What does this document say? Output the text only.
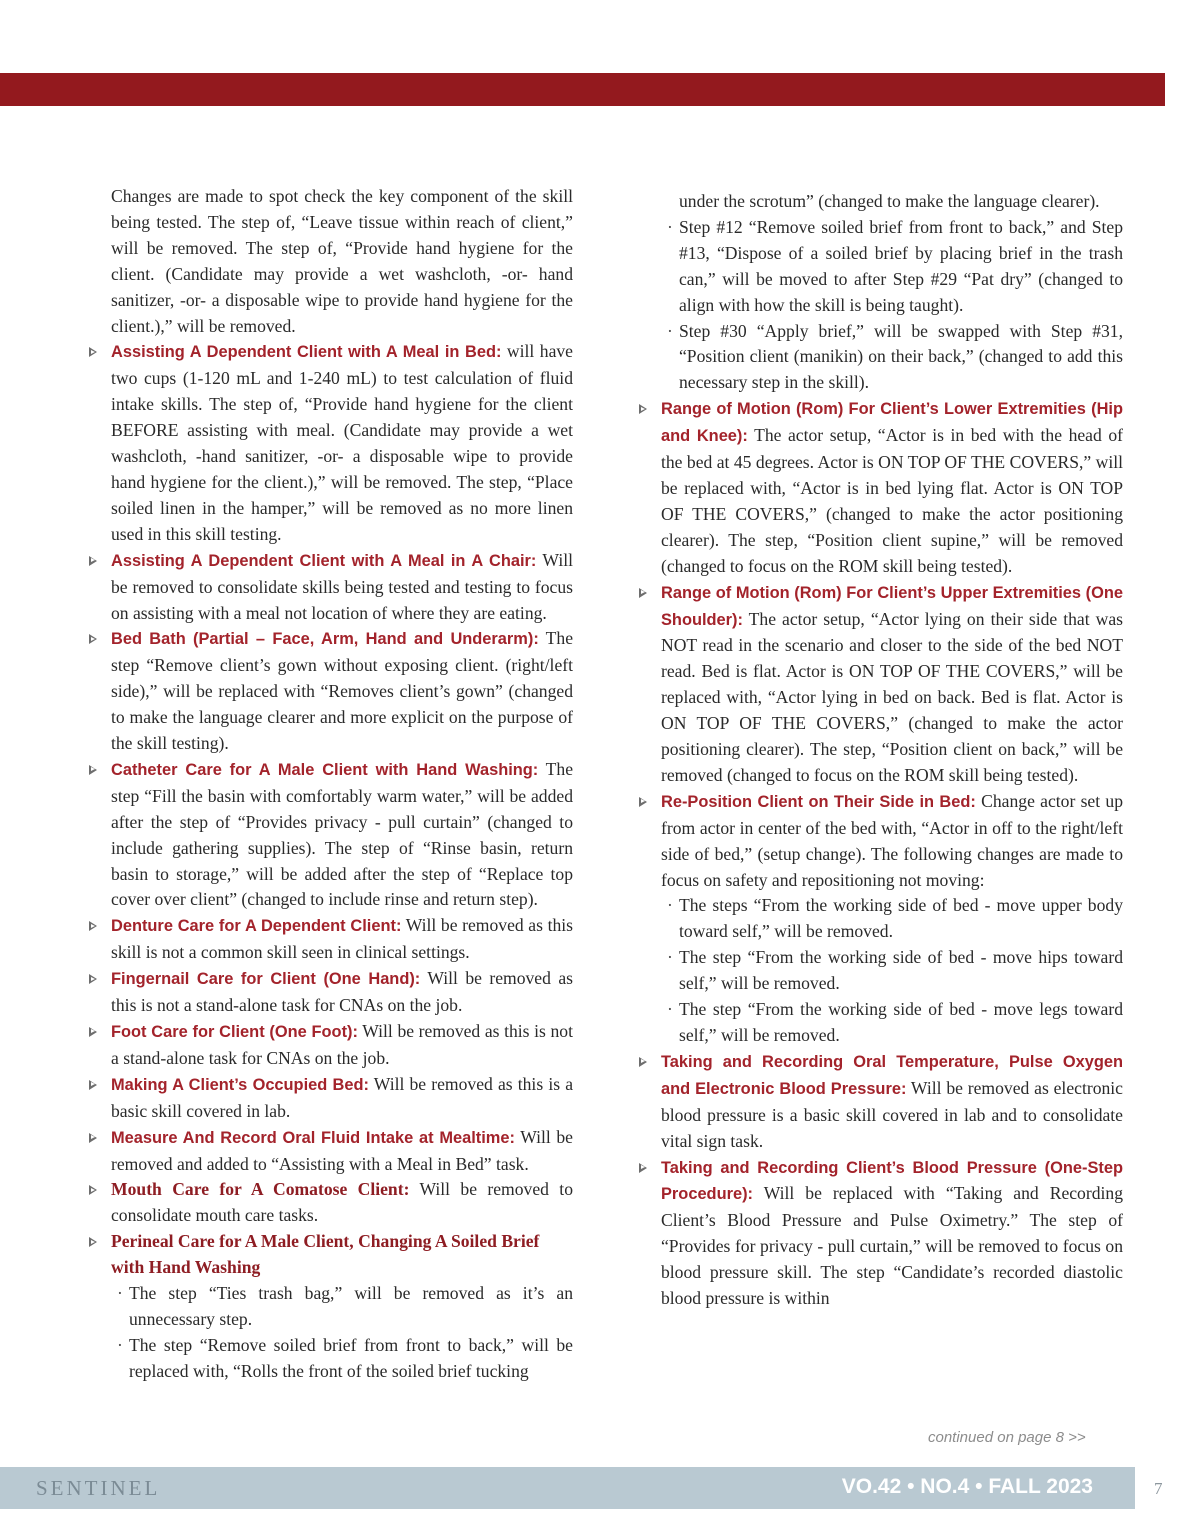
Changes are made to spot check the key component of the skill being tested. The step of, “Leave tissue within reach of client,” will be removed. The step of, “Provide hand hygiene for the client. (Candidate may provide a wet washcloth, -or- hand sanitizer, -or- a disposable wipe to provide hand hygiene for the client.),” will be removed.

Assisting A Dependent Client with A Meal in Bed: will have two cups (1-120 mL and 1-240 mL) to test calculation of fluid intake skills. The step of, “Provide hand hygiene for the client BEFORE assisting with meal. (Candidate may provide a wet washcloth, -hand sanitizer, -or- a disposable wipe to provide hand hygiene for the client.),” will be removed. The step, “Place soiled linen in the hamper,” will be removed as no more linen used in this skill testing.
Assisting A Dependent Client with A Meal in A Chair: Will be removed to consolidate skills being tested and testing to focus on assisting with a meal not location of where they are eating.
Bed Bath (Partial – Face, Arm, Hand and Underarm): The step “Remove client’s gown without exposing client. (right/left side),” will be replaced with “Removes client’s gown” (changed to make the language clearer and more explicit on the purpose of the skill testing).
Catheter Care for A Male Client with Hand Washing: The step “Fill the basin with comfortably warm water,” will be added after the step of “Provides privacy - pull curtain” (changed to include gathering supplies). The step of “Rinse basin, return basin to storage,” will be added after the step of “Replace top cover over client” (changed to include rinse and return step).
Denture Care for A Dependent Client: Will be removed as this skill is not a common skill seen in clinical settings.
Fingernail Care for Client (One Hand): Will be removed as this is not a stand-alone task for CNAs on the job.
Foot Care for Client (One Foot): Will be removed as this is not a stand-alone task for CNAs on the job.
Making A Client’s Occupied Bed: Will be removed as this is a basic skill covered in lab.
Measure And Record Oral Fluid Intake at Mealtime: Will be removed and added to “Assisting with a Meal in Bed” task.
Mouth Care for A Comatose Client: Will be removed to consolidate mouth care tasks.
Perineal Care for A Male Client, Changing A Soiled Brief with Hand Washing
· The step “Ties trash bag,” will be removed as it’s an unnecessary step.
· The step “Remove soiled brief from front to back,” will be replaced with, “Rolls the front of the soiled brief tucking
under the scrotum” (changed to make the language clearer).
· Step #12 “Remove soiled brief from front to back,” and Step #13, “Dispose of a soiled brief by placing brief in the trash can,” will be moved to after Step #29 “Pat dry” (changed to align with how the skill is being taught).
· Step #30 “Apply brief,” will be swapped with Step #31, “Position client (manikin) on their back,” (changed to add this necessary step in the skill).
Range of Motion (Rom) For Client’s Lower Extremities (Hip and Knee): The actor setup, “Actor is in bed with the head of the bed at 45 degrees. Actor is ON TOP OF THE COVERS,” will be replaced with, “Actor is in bed lying flat. Actor is ON TOP OF THE COVERS,” (changed to make the actor positioning clearer). The step, “Position client supine,” will be removed (changed to focus on the ROM skill being tested).
Range of Motion (Rom) For Client’s Upper Extremities (One Shoulder): The actor setup, “Actor lying on their side that was NOT read in the scenario and closer to the side of the bed NOT read. Bed is flat. Actor is ON TOP OF THE COVERS,” will be replaced with, “Actor lying in bed on back. Bed is flat. Actor is ON TOP OF THE COVERS,” (changed to make the actor positioning clearer). The step, “Position client on back,” will be removed (changed to focus on the ROM skill being tested).
Re-Position Client on Their Side in Bed: Change actor set up from actor in center of the bed with, “Actor in off to the right/left side of bed,” (setup change). The following changes are made to focus on safety and repositioning not moving:
· The steps “From the working side of bed - move upper body toward self,” will be removed.
· The step “From the working side of bed - move hips toward self,” will be removed.
· The step “From the working side of bed - move legs toward self,” will be removed.
Taking and Recording Oral Temperature, Pulse Oxygen and Electronic Blood Pressure: Will be removed as electronic blood pressure is a basic skill covered in lab and to consolidate vital sign task.
Taking and Recording Client’s Blood Pressure (One-Step Procedure): Will be replaced with “Taking and Recording Client’s Blood Pressure and Pulse Oximetry.” The step of “Provides for privacy - pull curtain,” will be removed to focus on blood pressure skill. The step “Candidate’s recorded diastolic blood pressure is within
continued on page 8 >>
SENTINEL	VO.42 • NO.4 • FALL 2023	7
